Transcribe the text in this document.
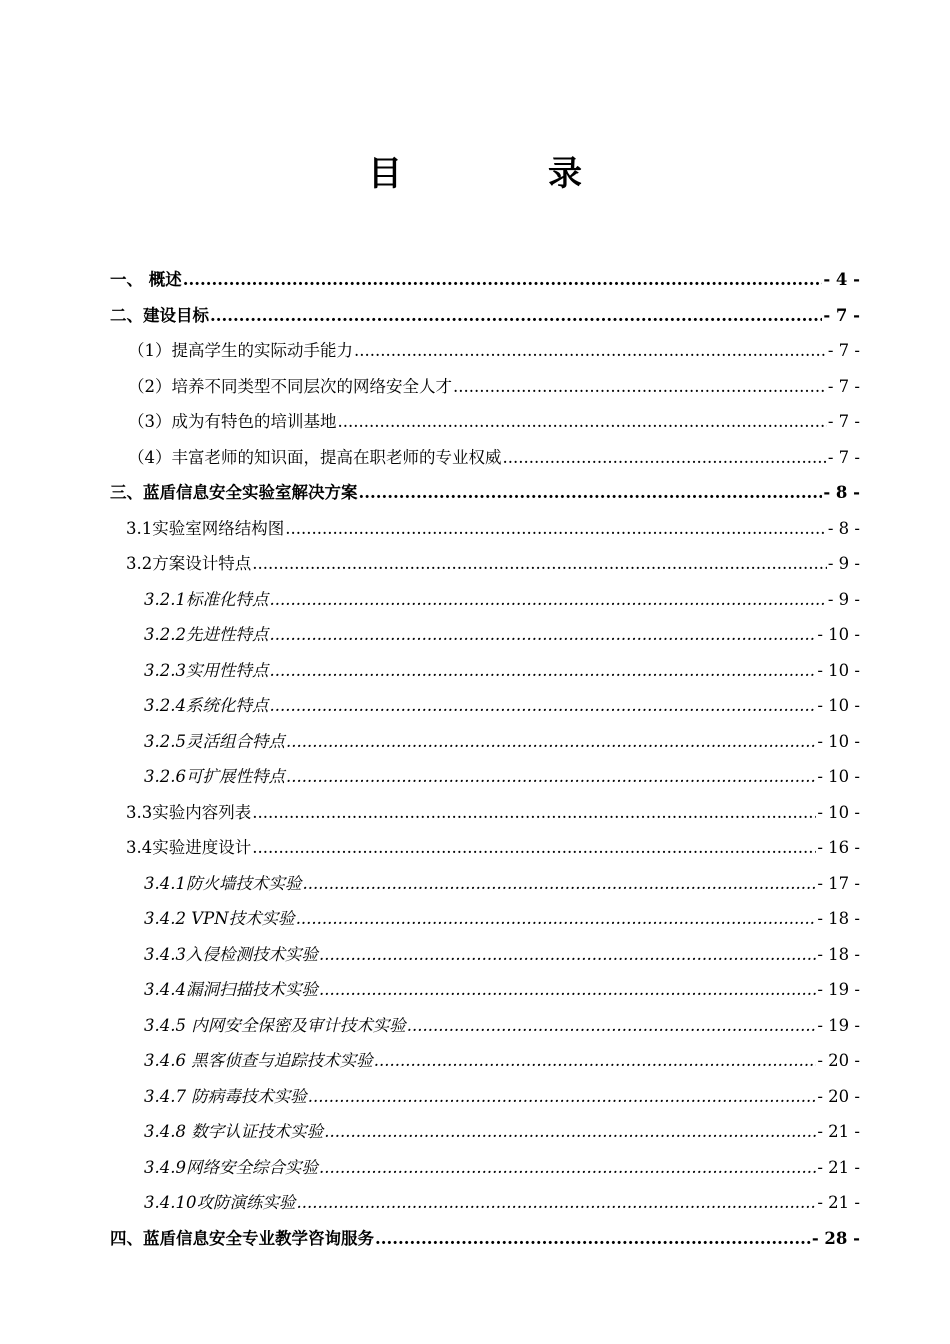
目　录
一、 概述 .....	- 4 -
二、建设目标 .....	- 7 -
（1）提高学生的实际动手能力 .....	- 7 -
（2）培养不同类型不同层次的网络安全人才 .....	- 7 -
（3）成为有特色的培训基地 .....	- 7 -
（4）丰富老师的知识面，提高在职老师的专业权威 .....	- 7 -
三、蓝盾信息安全实验室解决方案 .....	- 8 -
3.1实验室网络结构图 .....	- 8 -
3.2方案设计特点 .....	- 9 -
3.2.1标准化特点 .....	- 9 -
3.2.2先进性特点 .....	- 10 -
3.2.3实用性特点 .....	- 10 -
3.2.4系统化特点 .....	- 10 -
3.2.5灵活组合特点 .....	- 10 -
3.2.6可扩展性特点 .....	- 10 -
3.3实验内容列表 .....	- 10 -
3.4实验进度设计 .....	- 16 -
3.4.1防火墙技术实验 .....	- 17 -
3.4.2 VPN技术实验 .....	- 18 -
3.4.3入侵检测技术实验 .....	- 18 -
3.4.4漏洞扫描技术实验 .....	- 19 -
3.4.5 内网安全保密及审计技术实验 .....	- 19 -
3.4.6 黑客侦查与追踪技术实验 .....	- 20 -
3.4.7 防病毒技术实验 .....	- 20 -
3.4.8 数字认证技术实验 .....	- 21 -
3.4.9网络安全综合实验 .....	- 21 -
3.4.10攻防演练实验 .....	- 21 -
四、蓝盾信息安全专业教学咨询服务 .....	- 28 -
